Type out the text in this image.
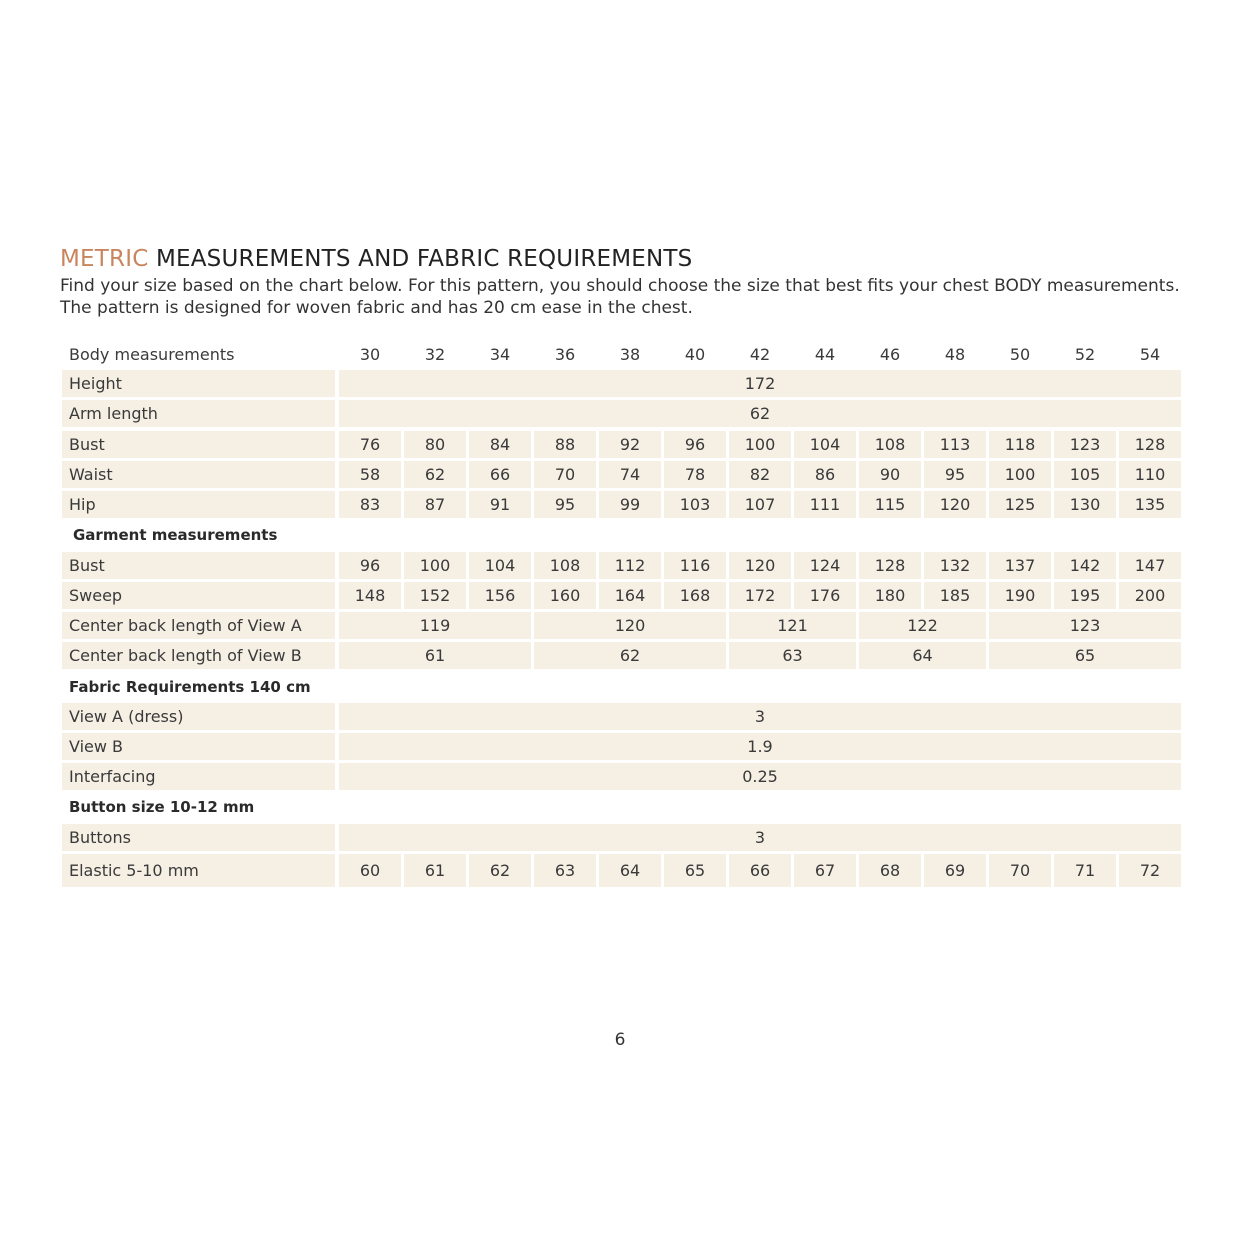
METRIC MEASUREMENTS AND FABRIC REQUIREMENTS

Find your size based on the chart below. For this pattern, you should choose the size that best fits your chest BODY measurements.

The pattern is designed for woven fabric and has 20 cm ease in the chest.

Body measurements	30	32	34	36	38	40	42	44	46	48	50	52	54
Height	172
Arm length	62
Bust	76	80	84	88	92	96	100	104	108	113	118	123	128
Waist	58	62	66	70	74	78	82	86	90	95	100	105	110
Hip	83	87	91	95	99	103	107	111	115	120	125	130	135
Garment measurements
Bust	96	100	104	108	112	116	120	124	128	132	137	142	147
Sweep	148	152	156	160	164	168	172	176	180	185	190	195	200
Center back length of View A	119	120	121	122	123
Center back length of View B	61	62	63	64	65
Fabric Requirements 140 cm
View A (dress)	3
View B	1.9
Interfacing	0.25
Button size 10-12 mm
Buttons	3
Elastic 5-10 mm	60	61	62	63	64	65	66	67	68	69	70	71	72
6
